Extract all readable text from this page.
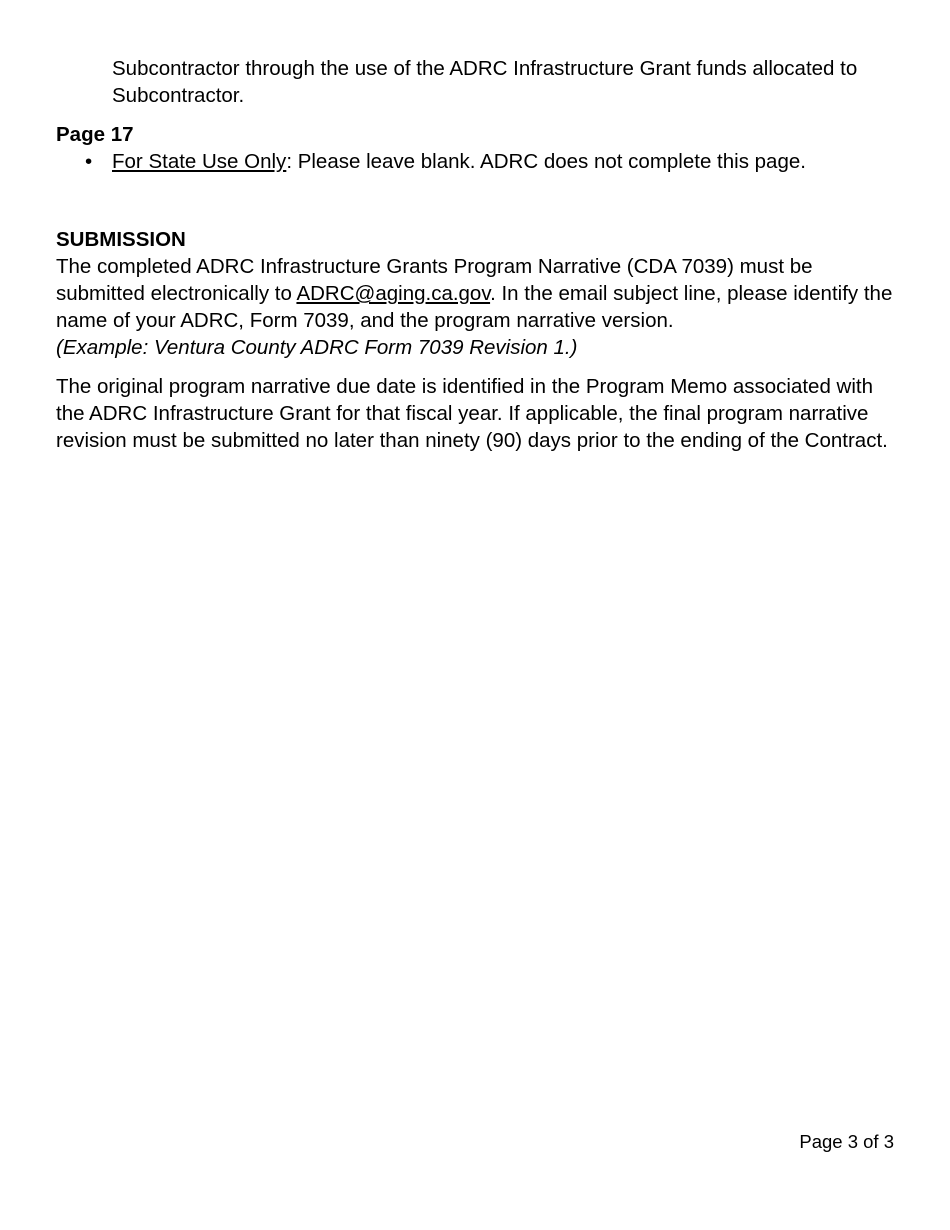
Subcontractor through the use of the ADRC Infrastructure Grant funds allocated to Subcontractor.

Page 17

• For State Use Only: Please leave blank. ADRC does not complete this page.

SUBMISSION

The completed ADRC Infrastructure Grants Program Narrative (CDA 7039) must be submitted electronically to ADRC@aging.ca.gov. In the email subject line, please identify the name of your ADRC, Form 7039, and the program narrative version.
(Example: Ventura County ADRC Form 7039 Revision 1.)

The original program narrative due date is identified in the Program Memo associated with the ADRC Infrastructure Grant for that fiscal year. If applicable, the final program narrative revision must be submitted no later than ninety (90) days prior to the ending of the Contract.

Page 3 of 3
